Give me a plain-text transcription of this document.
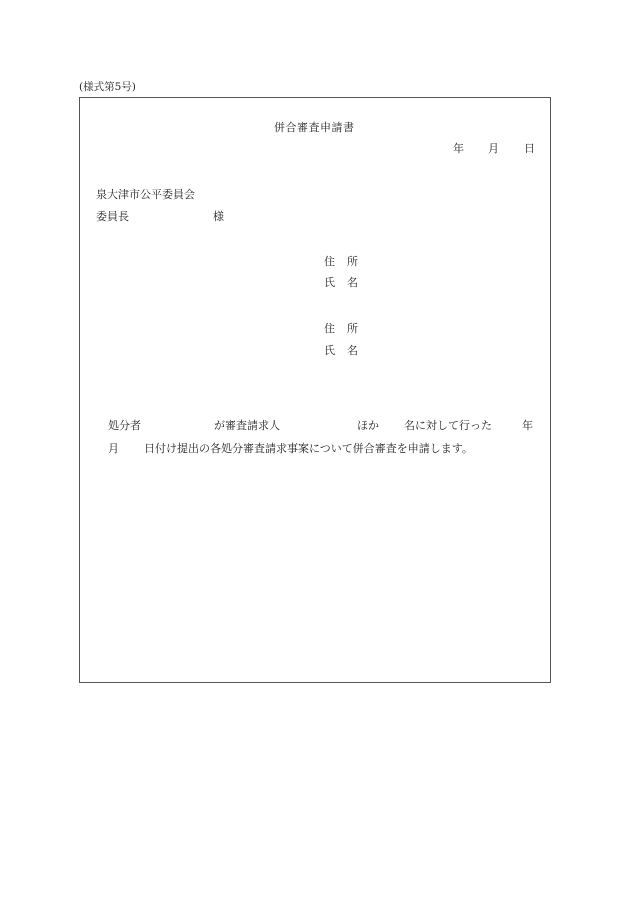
(様式第5号)
併合審査申請書
年 月 日
泉大津市公平委員会
委員長	様
住 所
氏 名
住 所
氏 名
処分者	が審査請求人	ほか 名に対して行った	年
月 日付け提出の各処分審査請求事案について併合審査を申請します。
